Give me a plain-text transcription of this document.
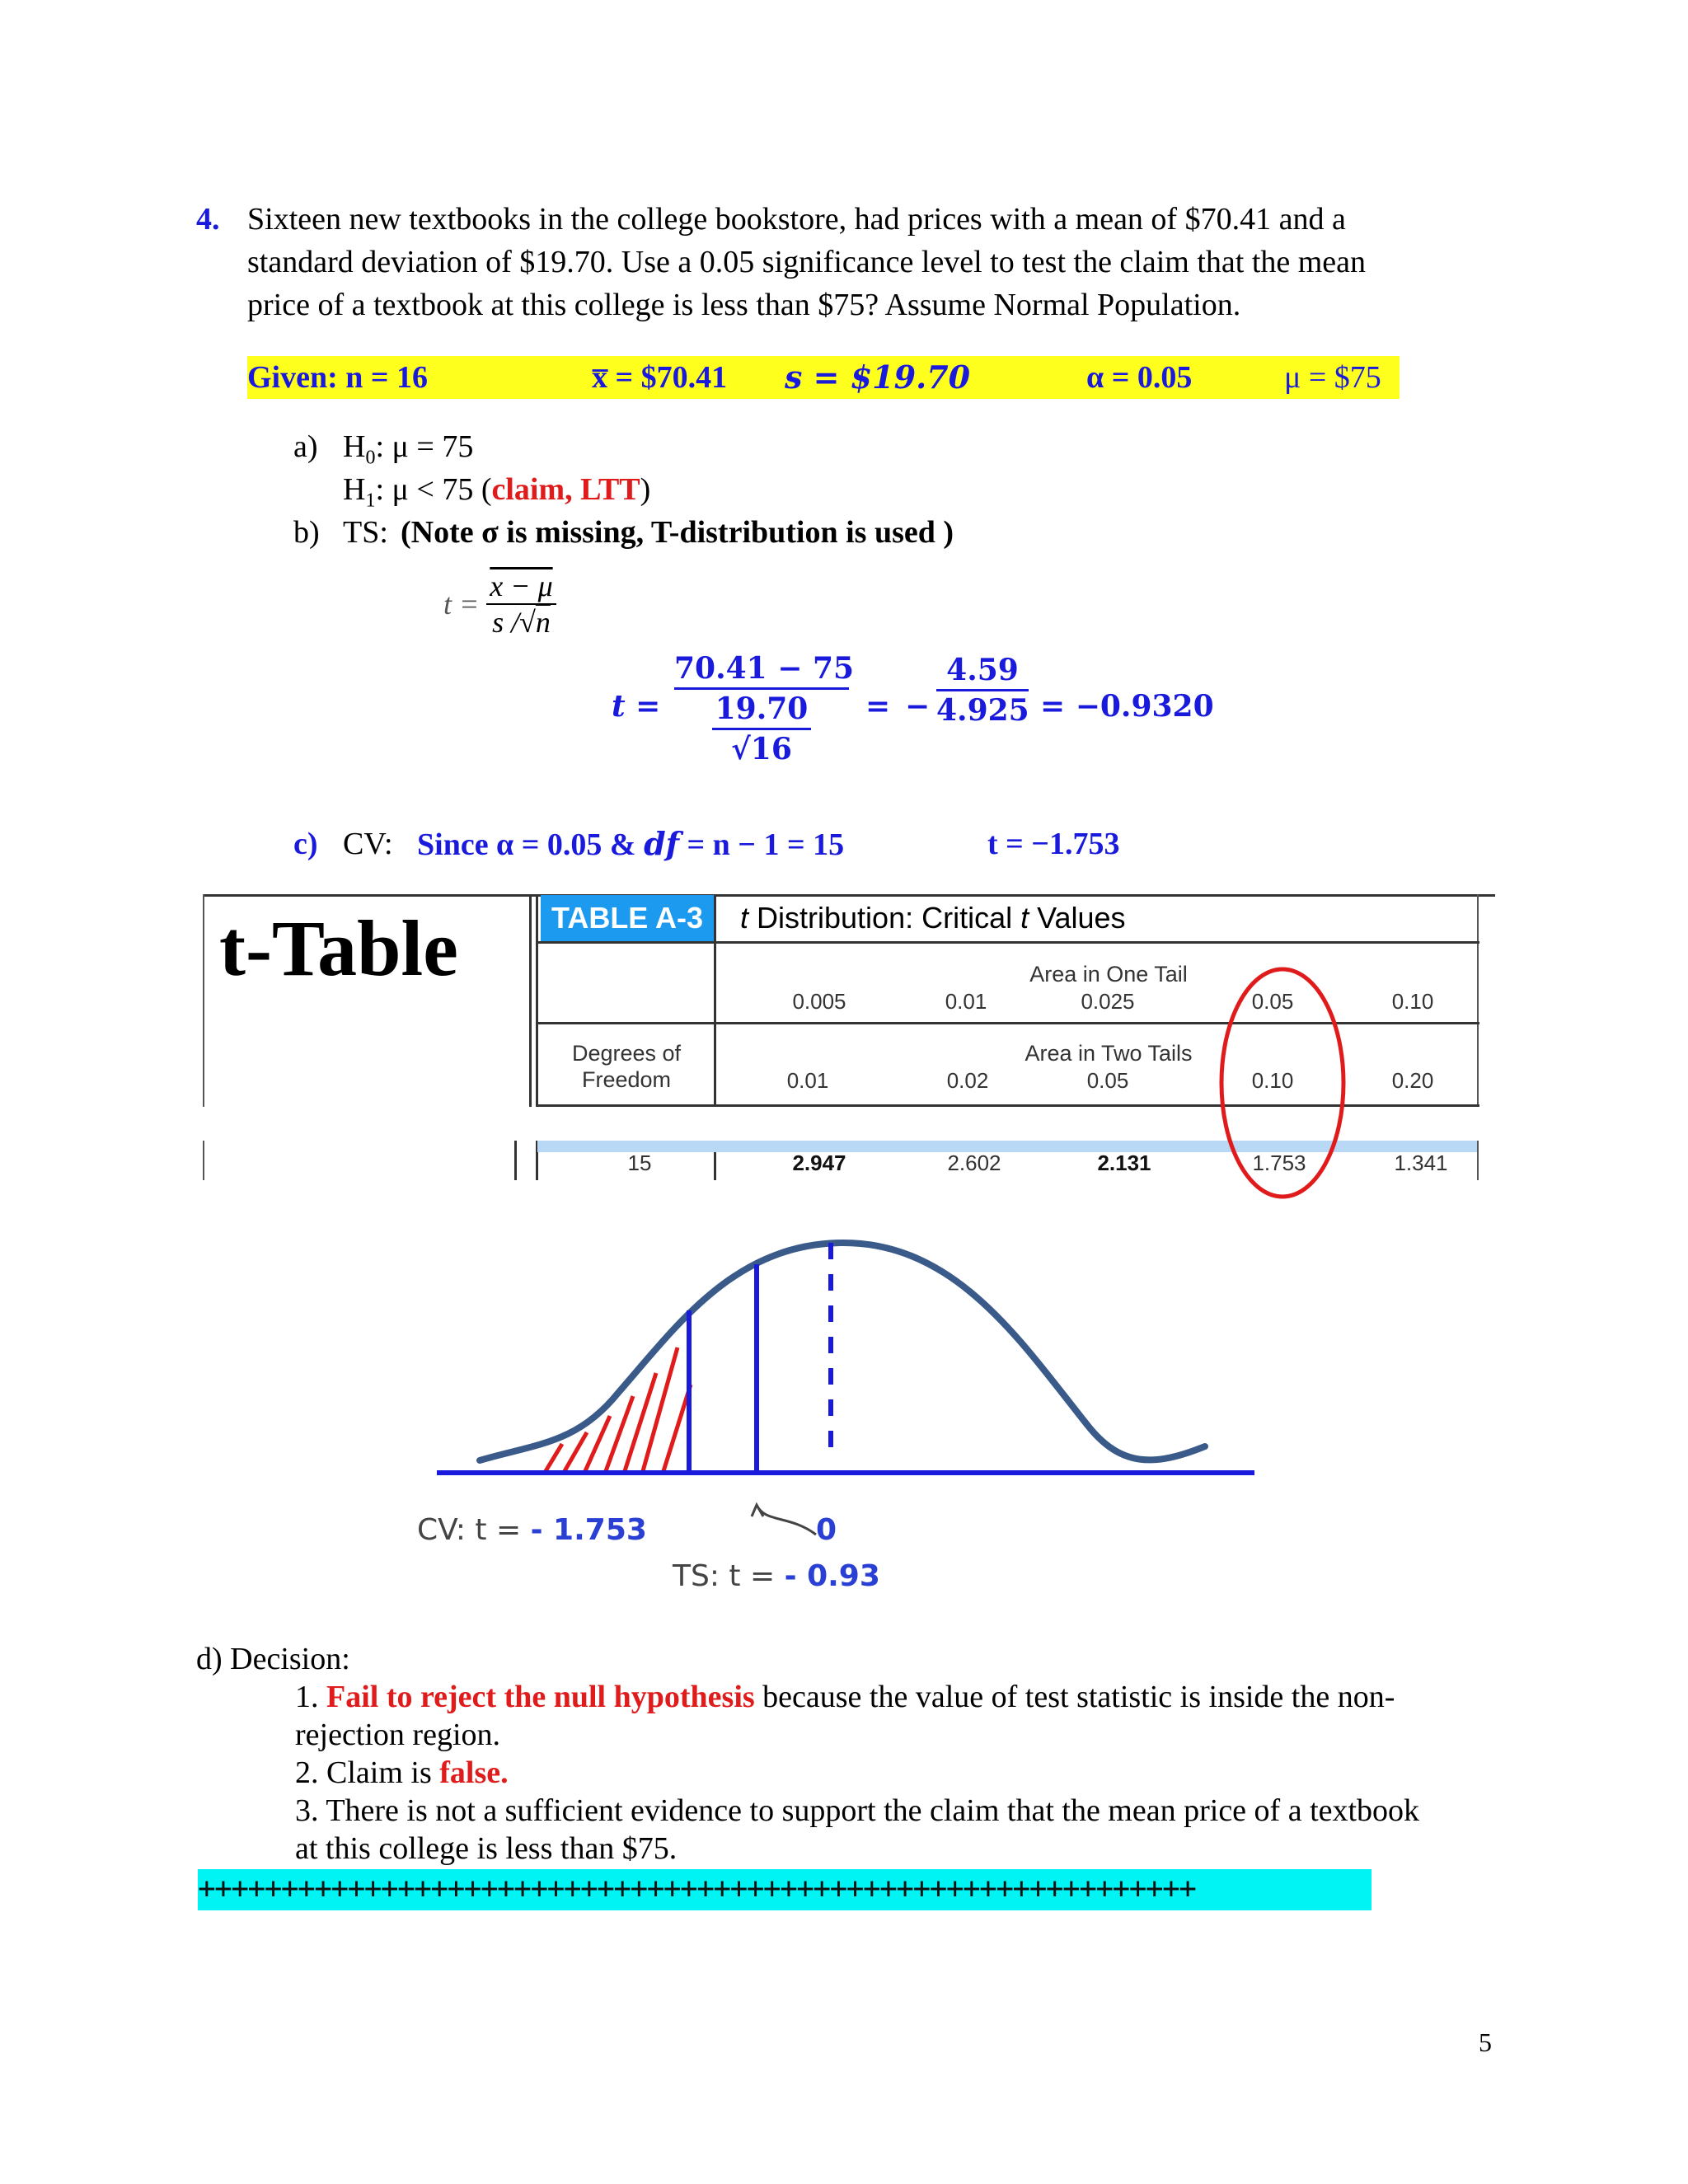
4. Sixteen new textbooks in the college bookstore, had prices with a mean of $70.41 and a
standard deviation of $19.70. Use a 0.05 significance level to test the claim that the mean
price of a textbook at this college is less than $75? Assume Normal Population.
Given: n = 16	x̅ = $70.41 s = $19.70	α = 0.05	μ = $75
a) $H_0$: μ = 75
$H_1$: μ < 75 (claim, LTT)
b) TS: (Note σ is missing, T-distribution is used )
$t = \frac{x - \mu}{s /√n}$
t =
70.41 − 75
19.70
√16
= −
4.59
4.925 = −0.9320
c) CV: Since α = 0.05 & df = n − 1 = 15	t = −1.753
t-Table	TABLE A-3	t Distribution: Critical t Values
Area in One Tail
0.005	0.01	0.025	0.05	0.10
Degrees of
Freedom
Area in Two Tails
0.01	0.02	0.05	0.10	0.20
15	2.947	2.602	2.131	1.753	1.341
CV: t = - 1.753	0
TS: t = - 0.93
d) Decision:
1. Fail to reject the null hypothesis because the value of test statistic is inside the non-
rejection region.
2. Claim is false.
3. There is not a sufficient evidence to support the claim that the mean price of a textbook
at this college is less than $75.
++++++++++++++++++++++++++++++++++++++++++++++++++++++++++++
5
